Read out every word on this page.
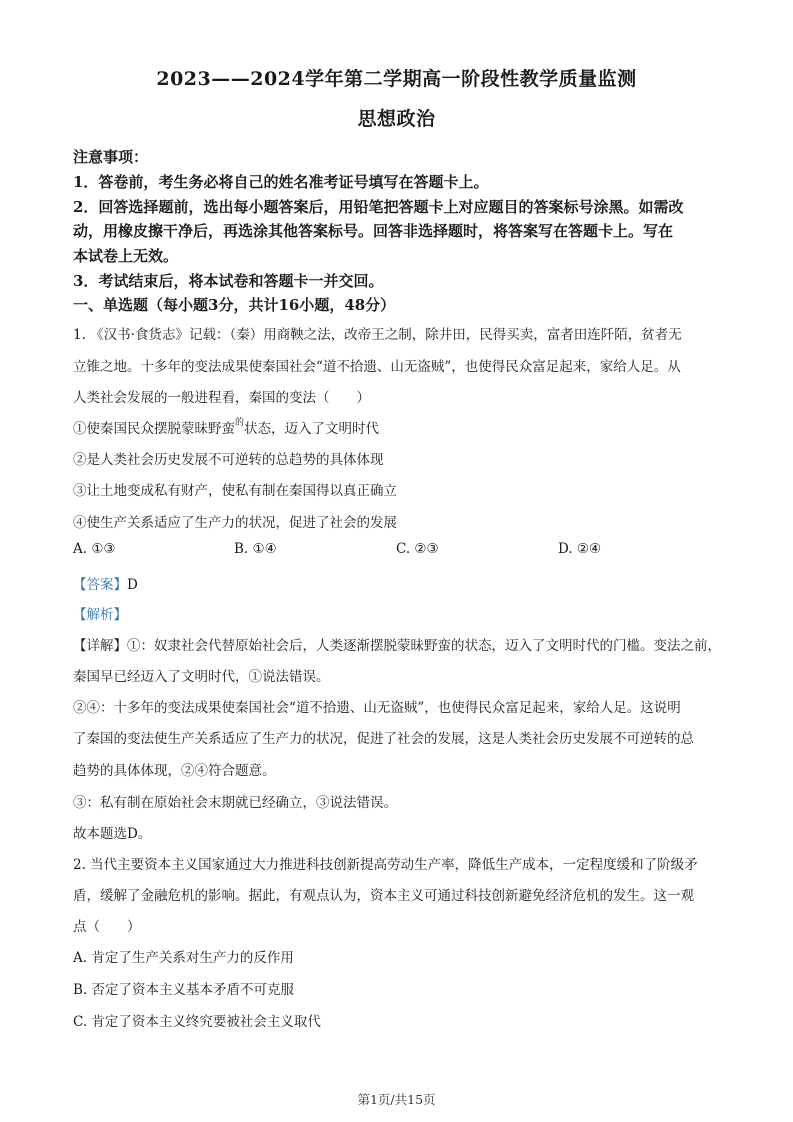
2023——2024学年第二学期高一阶段性教学质量监测
思想政治
注意事项：
1．答卷前，考生务必将自己的姓名准考证号填写在答题卡上。
2．回答选择题前，选出每小题答案后，用铅笔把答题卡上对应题目的答案标号涂黑。如需改
动，用橡皮擦干净后，再选涂其他答案标号。回答非选择题时，将答案写在答题卡上。写在
本试卷上无效。
3．考试结束后，将本试卷和答题卡一并交回。
一、单选题（每小题3分，共计16小题，48分）
1. 《汉书·食货志》记载：（秦）用商鞅之法，改帝王之制，除井田，民得买卖，富者田连阡陌，贫者无
立锥之地。十多年的变法成果使秦国社会“道不拾遗、山无盗贼”，也使得民众富足起来，家给人足。从
人类社会发展的一般进程看，秦国的变法（　　）
①使秦国民众摆脱蒙昧野蛮$^的$状态，迈入了文明时代
②是人类社会历史发展不可逆转的总趋势的具体体现
③让土地变成私有财产，使私有制在秦国得以真正确立
④使生产关系适应了生产力的状况，促进了社会的发展
A. ①③	B. ①④	C. ②③	D. ②④
【答案】D
【解析】
【详解】①：奴隶社会代替原始社会后，人类逐渐摆脱蒙昧野蛮的状态，迈入了文明时代的门槛。变法之前，
秦国早已经迈入了文明时代，①说法错误。
②④：十多年的变法成果使秦国社会“道不拾遗、山无盗贼”，也使得民众富足起来，家给人足。这说明
了秦国的变法使生产关系适应了生产力的状况，促进了社会的发展，这是人类社会历史发展不可逆转的总
趋势的具体体现，②④符合题意。
③：私有制在原始社会末期就已经确立，③说法错误。
故本题选D。
2. 当代主要资本主义国家通过大力推进科技创新提高劳动生产率，降低生产成本，一定程度缓和了阶级矛
盾，缓解了金融危机的影响。据此，有观点认为，资本主义可通过科技创新避免经济危机的发生。这一观
点（　　）
A. 肯定了生产关系对生产力的反作用
B. 否定了资本主义基本矛盾不可克服
C. 肯定了资本主义终究要被社会主义取代
第1页/共15页
